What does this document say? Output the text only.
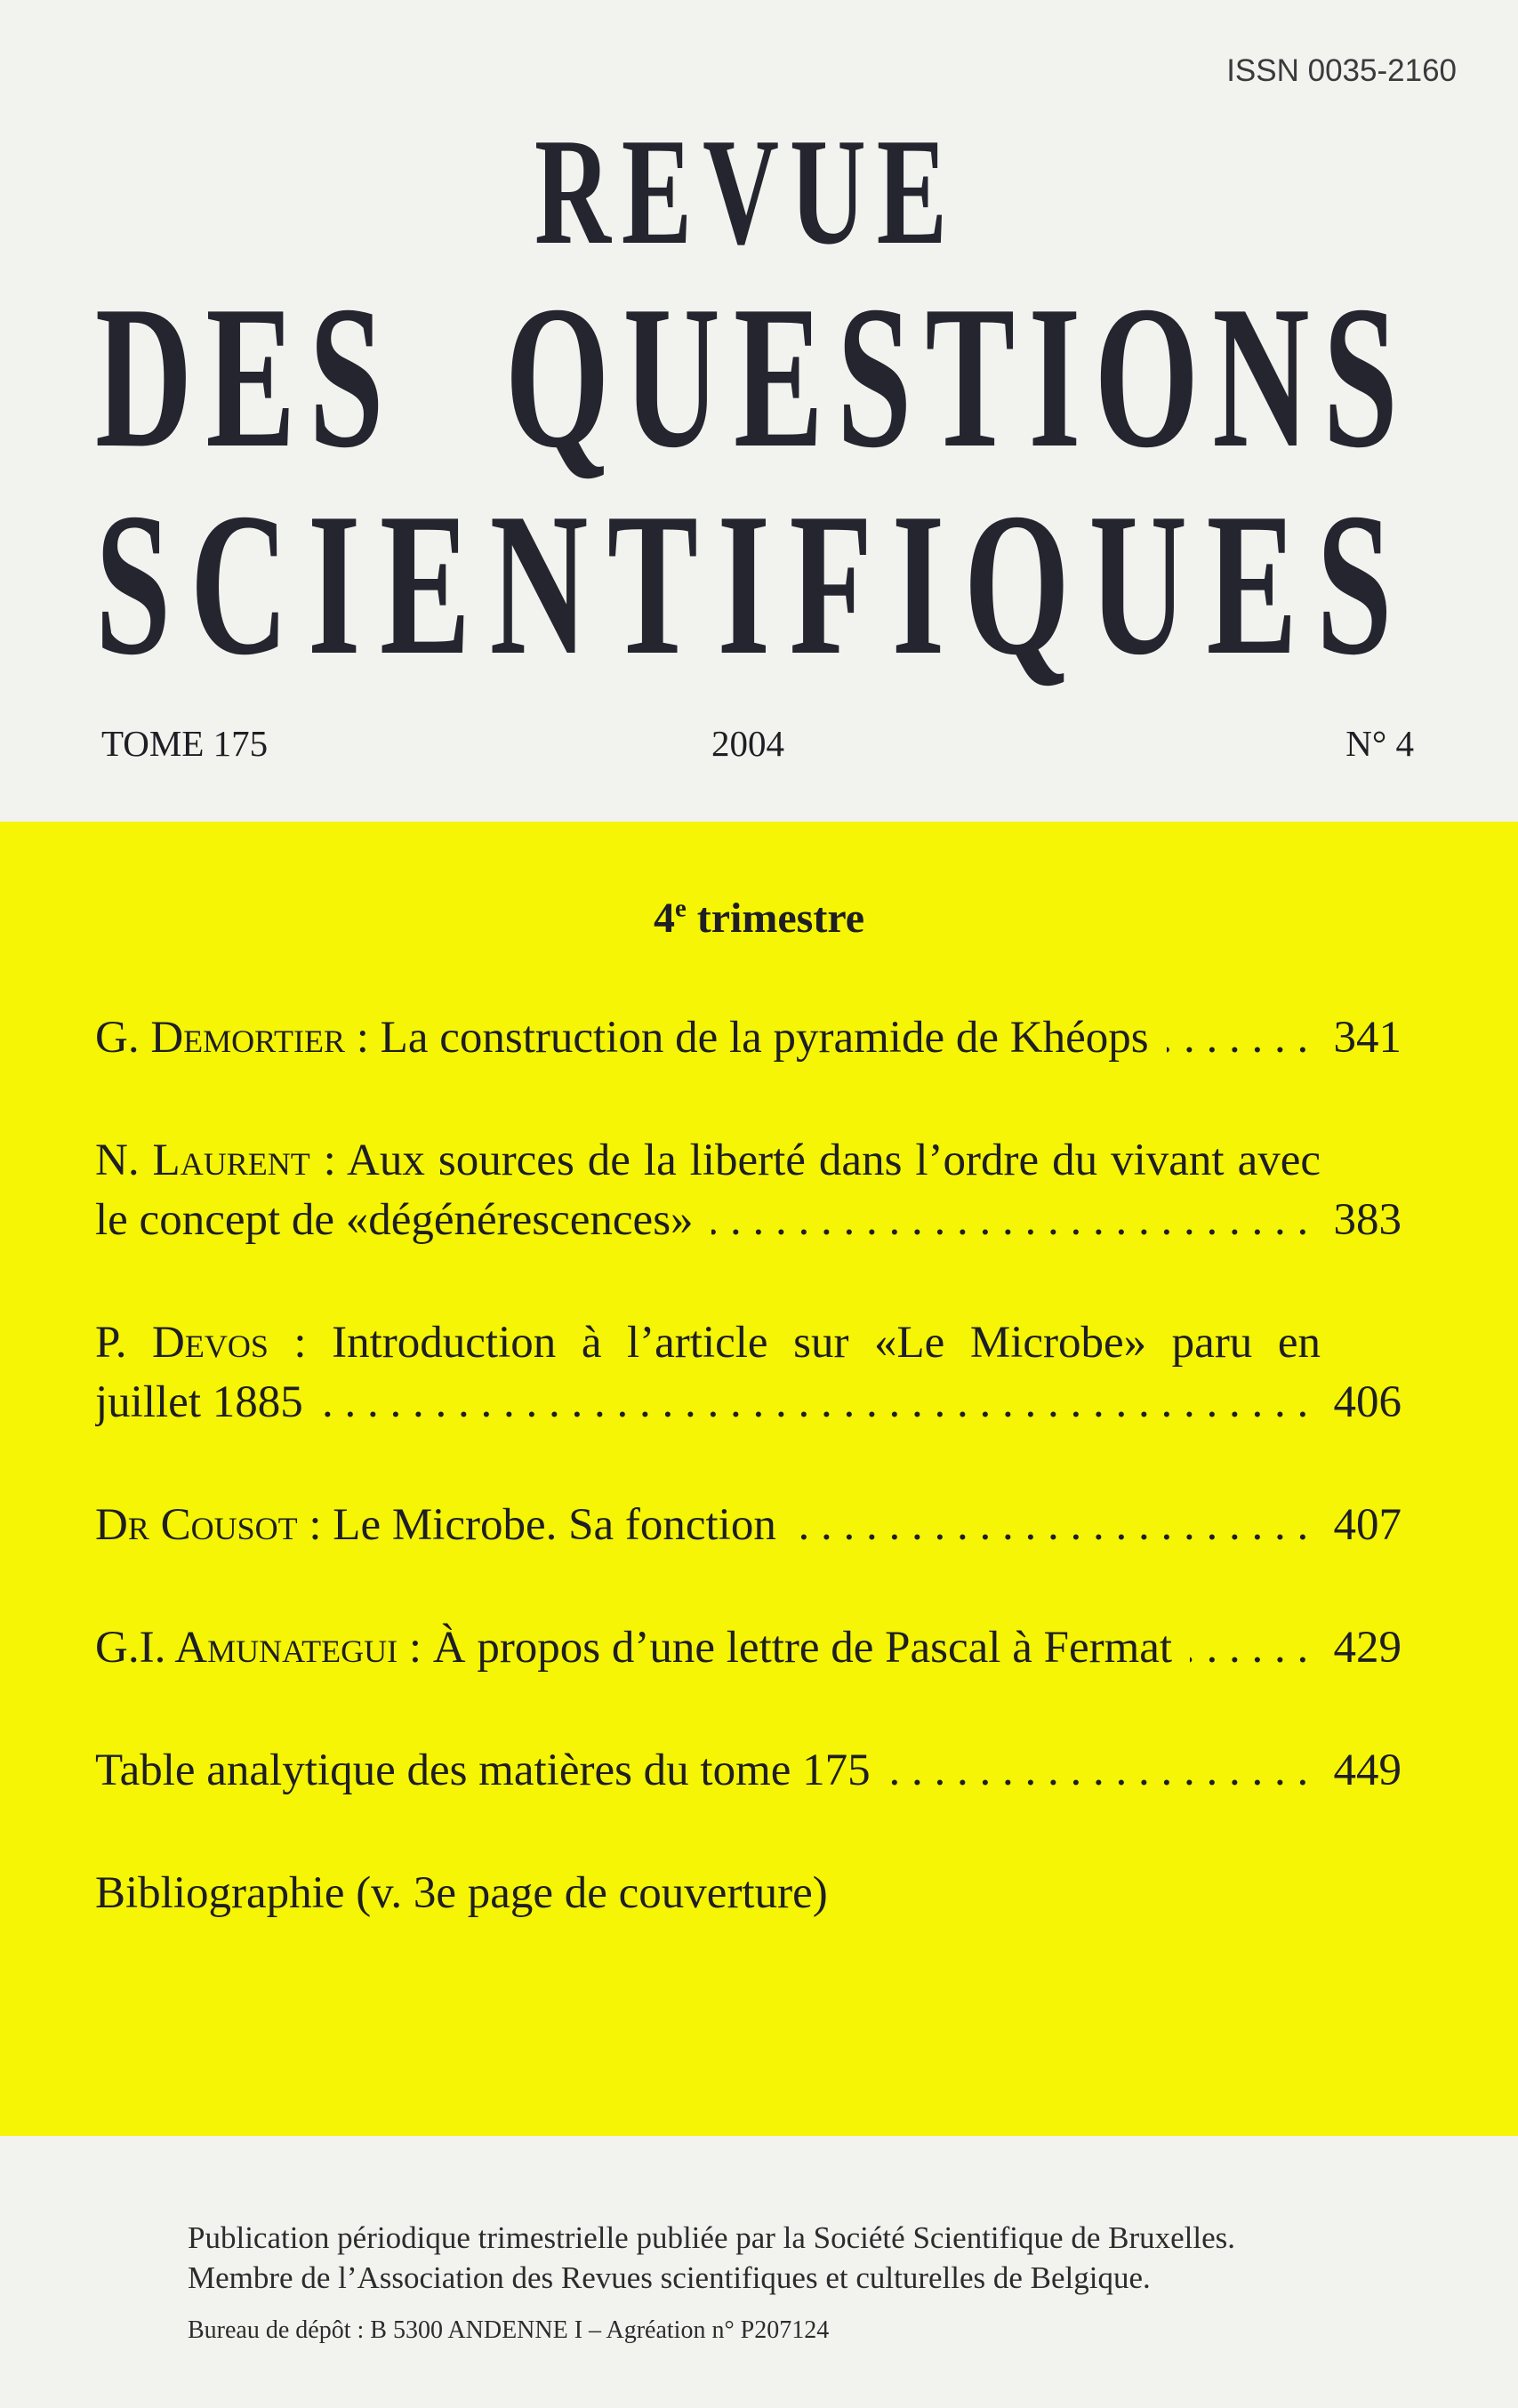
ISSN 0035-2160
REVUE
DES QUESTIONS
SCIENTIFIQUES
TOME 175	2004	N° 4
4e trimestre
G. Demortier : La construction de la pyramide de Khéops	341
. . .
N. Laurent : Aux sources de la liberté dans l’ordre du vivant avec le concept de «dégénérescences»	383
. . .
P. Devos : Introduction à l’article sur «Le Microbe» paru en juillet 1885	406
. . .
Dr Cousot : Le Microbe. Sa fonction	407
. . .
G.I. Amunategui : À propos d’une lettre de Pascal à Fermat	429
. . .
Table analytique des matières du tome 175	449
. . .
Bibliographie (v. 3e page de couverture)
Publication périodique trimestrielle publiée par la Société Scientifique de Bruxelles.
Membre de l’Association des Revues scientifiques et culturelles de Belgique.
Bureau de dépôt : B 5300 ANDENNE I – Agréation n° P207124
